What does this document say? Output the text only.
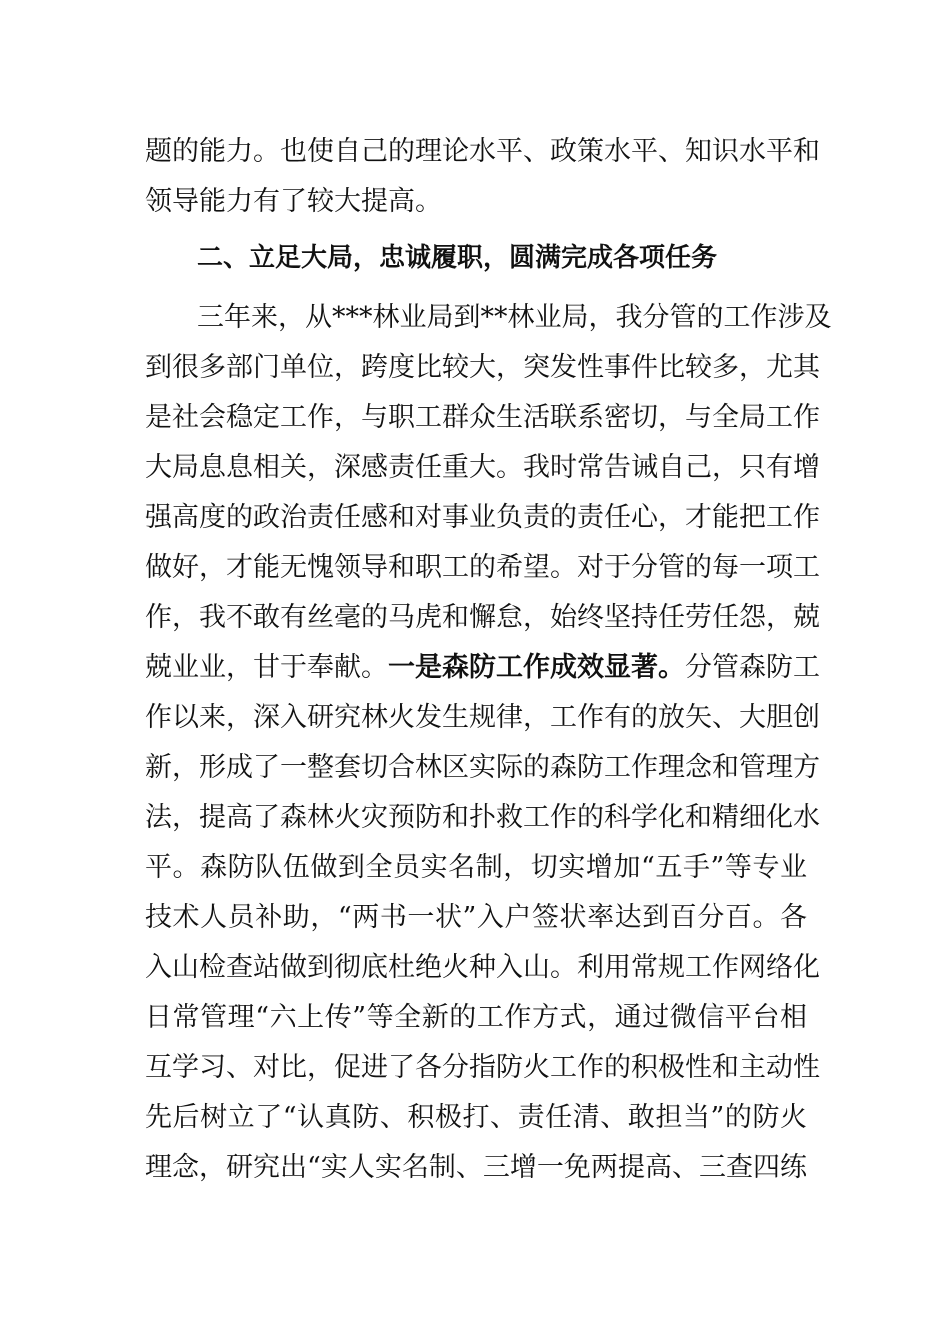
题的能力。也使自己的理论水平、政策水平、知识水平和
领导能力有了较大提高。
二、立足大局，忠诚履职，圆满完成各项任务
三年来，从***林业局到**林业局，我分管的工作涉及
到很多部门单位，跨度比较大，突发性事件比较多，尤其
是社会稳定工作，与职工群众生活联系密切，与全局工作
大局息息相关，深感责任重大。我时常告诫自己，只有增
强高度的政治责任感和对事业负责的责任心，才能把工作
做好，才能无愧领导和职工的希望。对于分管的每一项工
作，我不敢有丝毫的马虎和懈怠，始终坚持任劳任怨，兢
兢业业，甘于奉献。一是森防工作成效显著。分管森防工
作以来，深入研究林火发生规律，工作有的放矢、大胆创
新，形成了一整套切合林区实际的森防工作理念和管理方
法，提高了森林火灾预防和扑救工作的科学化和精细化水
平。森防队伍做到全员实名制，切实增加“五手”等专业
技术人员补助，“两书一状”入户签状率达到百分百。各
入山检查站做到彻底杜绝火种入山。利用常规工作网络化
日常管理“六上传”等全新的工作方式，通过微信平台相
互学习、对比，促进了各分指防火工作的积极性和主动性
先后树立了“认真防、积极打、责任清、敢担当”的防火
理念，研究出“实人实名制、三增一免两提高、三查四练
